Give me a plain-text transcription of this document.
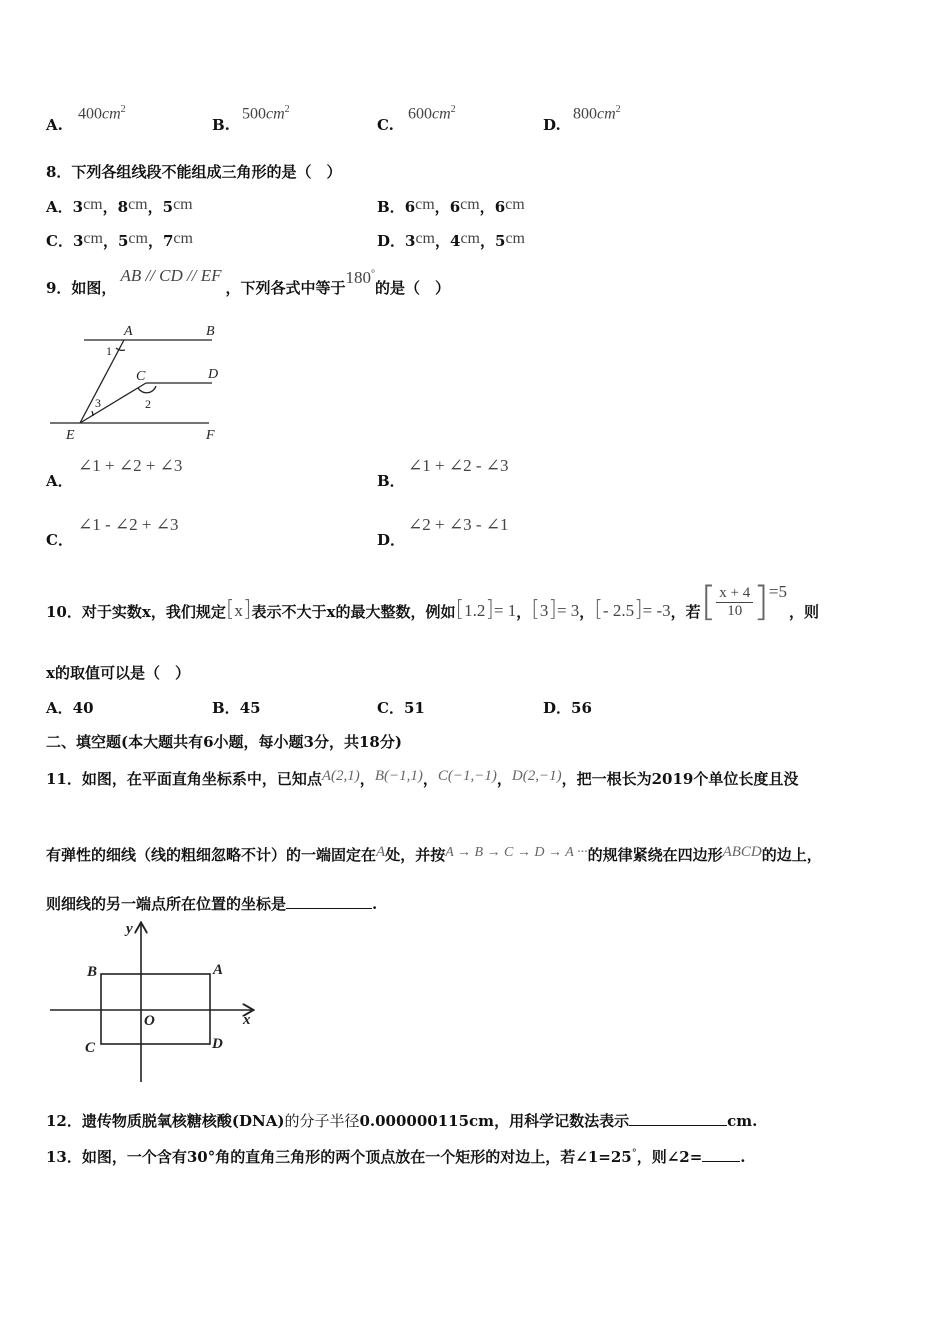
A.
$400cm^2$
B.
$500cm^2$
C.
$600cm^2$
D.
$800cm^2$
8．下列各组线段不能组成三角形的是（　）
A．3cm，8cm，5cm	B．6cm，6cm，6cm
C．3cm，5cm，7cm	D．3cm，4cm，5cm
9．如图，AB // CD // EF，下列各式中等于180°的是（　）
A	B
C	D
E	F
1
2
3
A．
∠1 + ∠2 + ∠3
B．
∠1 + ∠2 - ∠3
C．
∠1 - ∠2 + ∠3
D．
∠2 + ∠3 - ∠1
10．对于实数x，我们规定 [x] 表示不大于x的最大整数，例如 [1.2]= 1 ， [3]= 3 ， [- 2.5]= -3 ，若 [ $\frac{x + 4}{10}$ ] =5
，则
x的取值可以是（　）
A．40	B．45	C．51	D．56
二、填空题(本大题共有6小题，每小题3分，共18分)
11．如图，在平面直角坐标系中，已知点A(2,1)，B(−1,1)，C(−1,−1)，D(2,−1)，把一根长为2019个单位长度且没
有弹性的细线（线的粗细忽略不计）的一端固定在A处，并按A → B → C → D → A ···的规律紧绕在四边形ABCD的边上，
则细线的另一端点所在位置的坐标是	.
y
x
O
A
B
C	D
12．遗传物质脱氧核糖核酸(DNA)的分子半径0.000000115cm，用科学记数法表示	cm.
13．如图，一个含有30°角的直角三角形的两个顶点放在一个矩形的对边上，若∠1=25°，则∠2=	.
